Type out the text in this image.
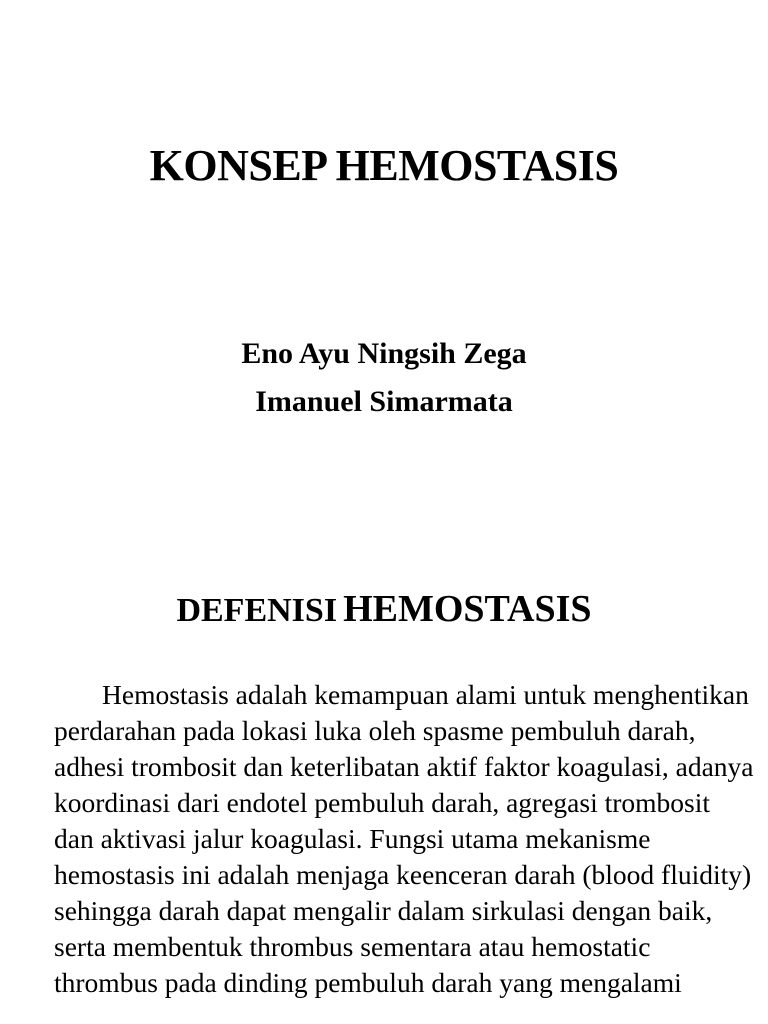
KONSEP HEMOSTASIS

Eno Ayu Ningsih Zega

Imanuel Simarmata

DEFENISI HEMOSTASIS

Hemostasis adalah kemampuan alami untuk menghentikan perdarahan pada lokasi luka oleh spasme pembuluh darah, adhesi trombosit dan keterlibatan aktif faktor koagulasi, adanya koordinasi dari endotel pembuluh darah, agregasi trombosit dan aktivasi jalur koagulasi. Fungsi utama mekanisme hemostasis ini adalah menjaga keenceran darah (blood fluidity) sehingga darah dapat mengalir dalam sirkulasi dengan baik, serta membentuk thrombus sementara atau hemostatic thrombus pada dinding pembuluh darah yang mengalami
